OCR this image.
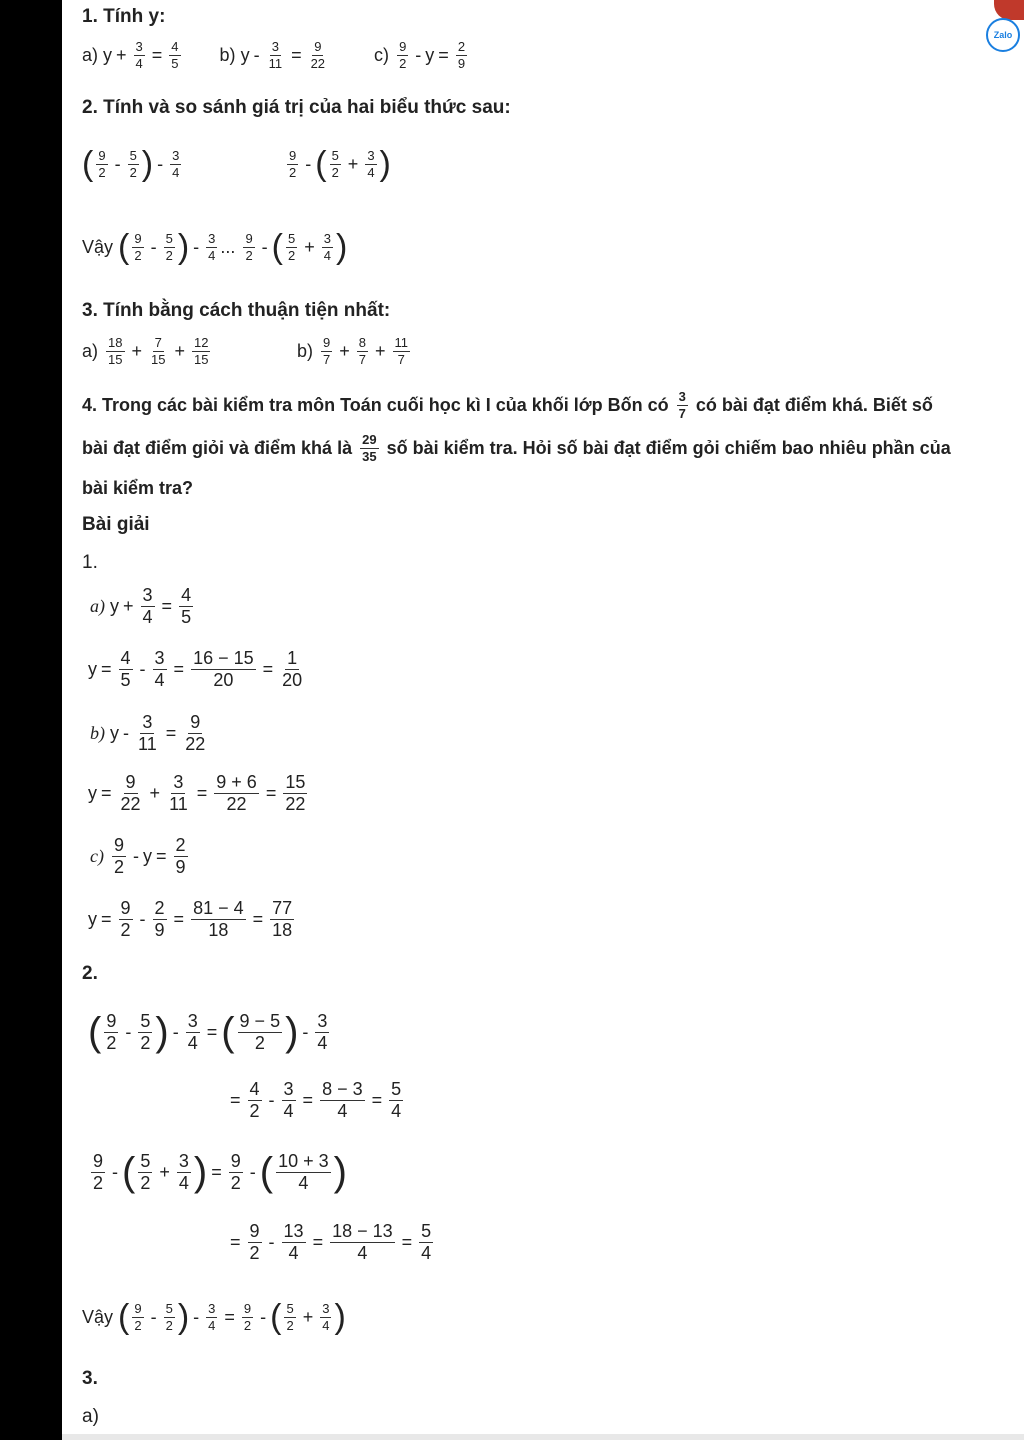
Zalo
1. Tính y:
a)
$y + \frac{3}{4} = \frac{4}{5} b$)
$y - \frac{3}{11} = \frac{9}{22}$	c)
$\frac{9}{2} - y = \frac{2}{9}$
2. Tính và so sánh giá trị của hai biểu thức sau:
( $\frac{9}{2} - \frac{5}{2}$ ) - $\frac{3}{4}$	$\frac{9}{2}$ - ( $\frac{5}{2} + \frac{3}{4}$ )
Vậy
( $\frac{9}{2} - \frac{5}{2}$ ) - $\frac{3}{4}$ ...
$\frac{9}{2}$ - ( $\frac{5}{2} + \frac{3}{4}$ )
3. Tính bằng cách thuận tiện nhất:
a)
$\frac{18}{15} + \frac{7}{15} + \frac{12}{15}$	b)
$\frac{9}{7} + \frac{8}{7} + \frac{11}{7}$
4. Trong các bài kiểm tra môn Toán cuối học kì I của khối lớp Bốn có
$\frac{3}{7}$
có bài đạt điểm khá. Biết số
bài đạt điểm giỏi và điểm khá là
$\frac{29}{35}$
số bài kiểm tra. Hỏi số bài đạt điểm gỏi chiếm bao nhiêu phần của
bài kiểm tra?
Bài giải
1.
a)
$y + \frac{3}{4} = \frac{4}{5}$
$y = \frac{4}{5} - \frac{3}{4} = \frac{16 - 15}{20} = \frac{1}{20}$
b)
$y - \frac{3}{11} = \frac{9}{22}$
$y = \frac{9}{22} + \frac{3}{11} = \frac{9 + 6}{22} = \frac{15}{22}$
c)
$\frac{9}{2} - y = \frac{2}{9}$
$y = \frac{9}{2} - \frac{2}{9} = \frac{81 - 4}{18} = \frac{77}{18}$
2.
( $\frac{9}{2} - \frac{5}{2}$ ) - $\frac{3}{4}$ = ( $\frac{9 - 5}{2}$ ) - $\frac{3}{4}$
= $\frac{4}{2} - \frac{3}{4} = \frac{8 - 3}{4} = \frac{5}{4}$
$\frac{9}{2}$ - ( $\frac{5}{2} + \frac{3}{4}$ ) = $\frac{9}{2}$ - ( $\frac{10 + 3}{4}$ )
= $\frac{9}{2} - \frac{13}{4} = \frac{18 - 13}{4} = \frac{5}{4}$
Vậy
( $\frac{9}{2} - \frac{5}{2}$ ) - $\frac{3}{4} = \frac{9}{2}$ - ( $\frac{5}{2} + \frac{3}{4}$ )
3.
a)
